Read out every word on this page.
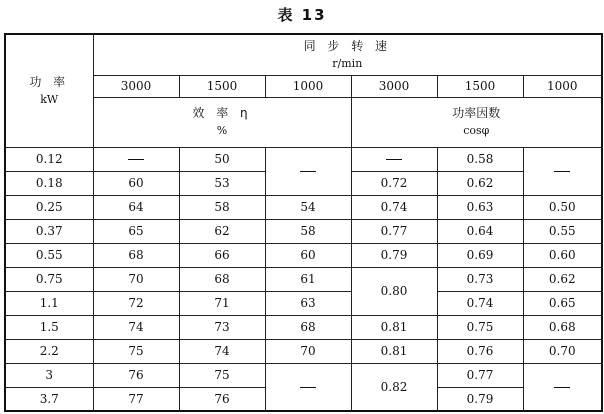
表 13
功 率
kW	同 步 转 速
r/min					

	3000	1500	1000	3000	1500	1000

	效 率 η
%			功率因数
cosφ		

0.12		50			0.58	
0.18	60	53		0.72	0.62	
0.25	64	58	54	0.74	0.63	0.50
0.37	65	62	58	0.77	0.64	0.55
0.55	68	66	60	0.79	0.69	0.60
0.75	70	68	61	0.80	0.73	0.62
1.1	72	71	63		0.74	0.65
1.5	74	73	68	0.81	0.75	0.68
2.2	75	74	70	0.81	0.76	0.70
3	76	75		0.82	0.77	
3.7	77	76			0.79	
